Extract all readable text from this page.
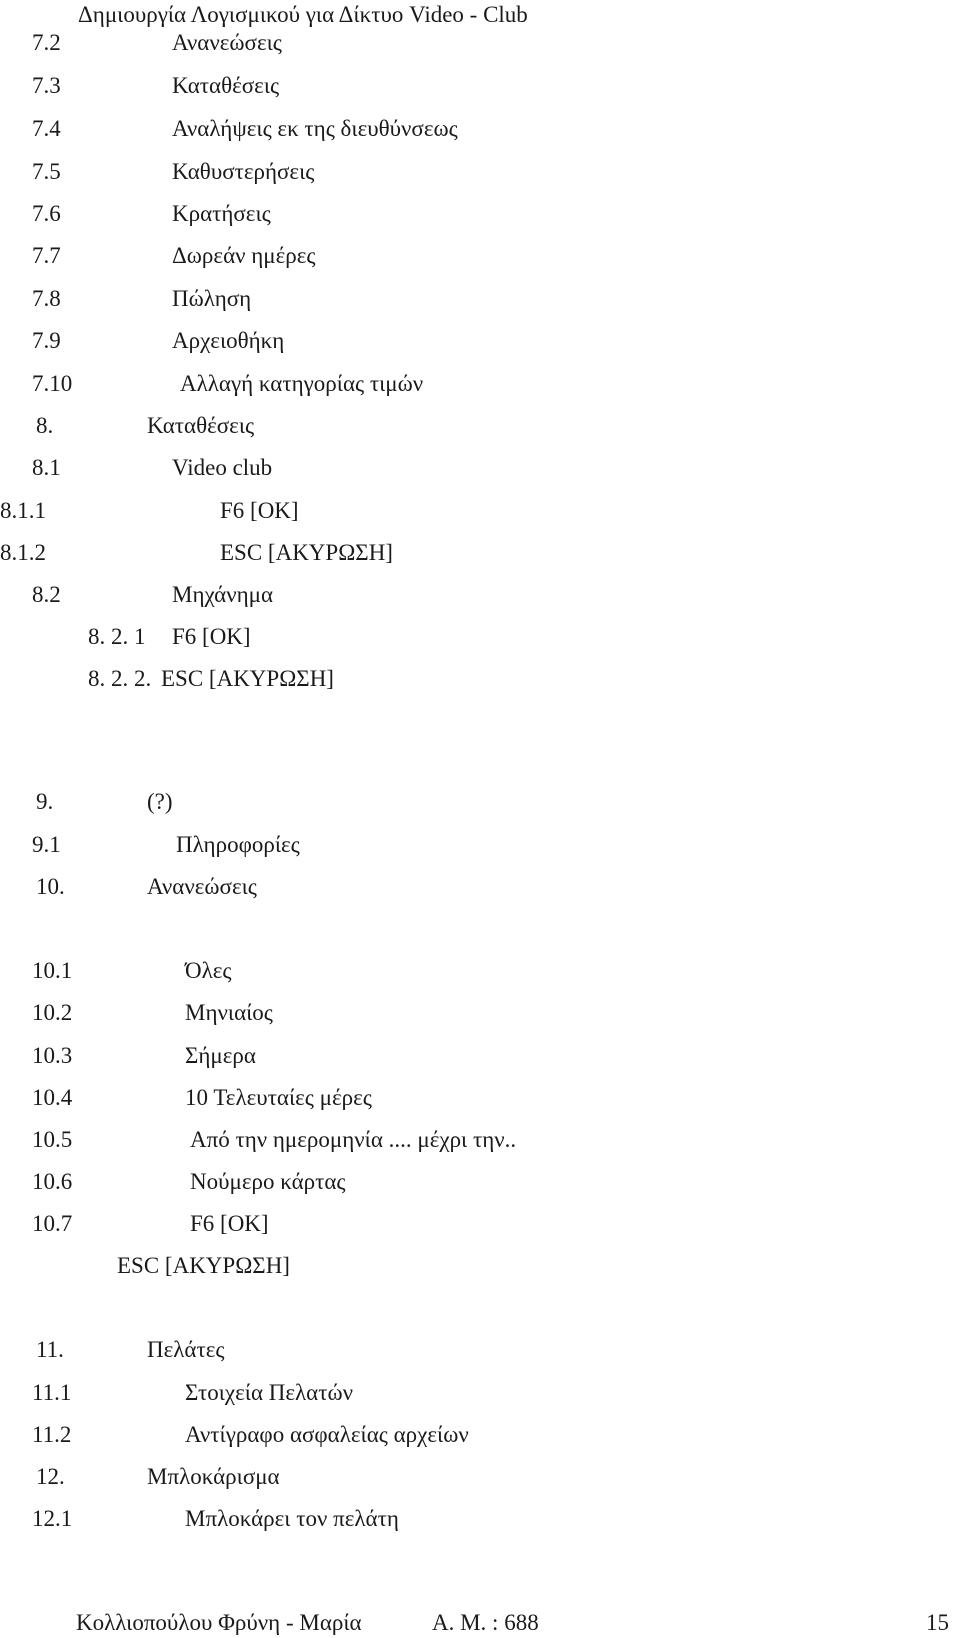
Δημιουργία Λογισμικού για Δίκτυο Video - Club
7.2	Ανανεώσεις
7.3	Καταθέσεις
7.4	Αναλήψεις εκ της διευθύνσεως
7.5	Καθυστερήσεις
7.6	Κρατήσεις
7.7	Δωρεάν ημέρες
7.8	Πώληση
7.9	Αρχειοθήκη
7.10	Αλλαγή κατηγορίας τιμών
8.	Καταθέσεις
8.1	Video club
8.1.1	F6 [OK]
8.1.2	ESC [ΑΚΥΡΩΣΗ]
8.2	Μηχάνημα
8. 2. 1 F6 [OK]
8. 2. 2. ESC [ΑΚΥΡΩΣΗ]
9.	(?)
9.1	Πληροφορίες
10.	Ανανεώσεις
10.1	Όλες
10.2	Μηνιαίος
10.3	Σήμερα
10.4	10 Τελευταίες μέρες
10.5	Από την ημερομηνία .... μέχρι την..
10.6	Νούμερο κάρτας
10.7	F6 [OK]
ESC [ΑΚΥΡΩΣΗ]
11.	Πελάτες
11.1	Στοιχεία Πελατών
11.2	Αντίγραφο ασφαλείας αρχείων
12.	Μπλοκάρισμα
12.1	Μπλοκάρει τον πελάτη
Κολλιοπούλου Φρύνη - Μαρία	Α. Μ. : 688	15
